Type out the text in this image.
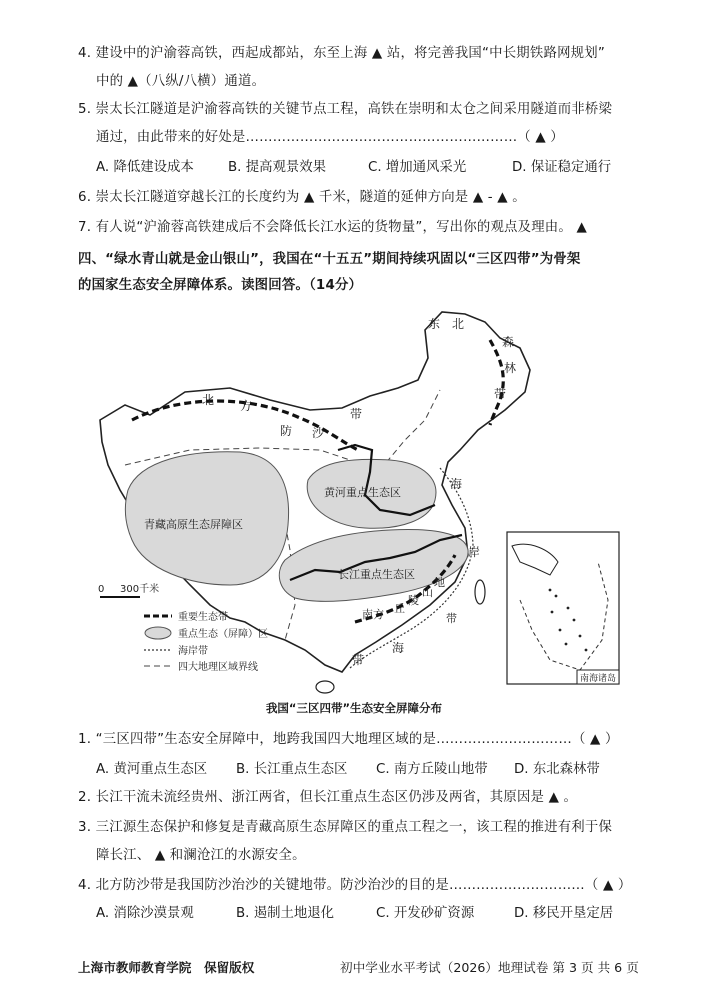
4. 建设中的沪渝蓉高铁，西起成都站，东至上海 ▲ 站，将完善我国“中长期铁路网规划”
中的 ▲（八纵/八横）通道。
5. 崇太长江隧道是沪渝蓉高铁的关键节点工程，高铁在崇明和太仓之间采用隧道而非桥梁
通过，由此带来的好处是……………………………………………………（ ▲ ）
A. 降低建设成本	B. 提高观景效果	C. 增加通风采光	D. 保证稳定通行
6. 崇太长江隧道穿越长江的长度约为 ▲ 千米，隧道的延伸方向是 ▲ - ▲ 。
7. 有人说“沪渝蓉高铁建成后不会降低长江水运的货物量”，写出你的观点及理由。 ▲
四、“绿水青山就是金山银山”，我国在“十五五”期间持续巩固以“三区四带”为骨架
的国家生态安全屏障体系。读图回答。（14分）
东 北
森
林
带
北 方
防 沙
带
黄河重点生态区
青藏高原生态屏障区
长江重点生态区
南方 丘
陵
山
地
带
海
岸
带
海
0 300千米
重要生态带
重点生态（屏障）区
海岸带
四大地理区域界线
南海诸岛
我国“三区四带”生态安全屏障分布
1. “三区四带”生态安全屏障中，地跨我国四大地理区域的是…………………………（ ▲ ）
A. 黄河重点生态区 B. 长江重点生态区 C. 南方丘陵山地带 D. 东北森林带
2. 长江干流未流经贵州、浙江两省，但长江重点生态区仍涉及两省，其原因是 ▲ 。
3. 三江源生态保护和修复是青藏高原生态屏障区的重点工程之一，该工程的推进有利于保
障长江、 ▲ 和澜沧江的水源安全。
4. 北方防沙带是我国防沙治沙的关键地带。防沙治沙的目的是…………………………（ ▲ ）
A. 消除沙漠景观	B. 遏制土地退化	C. 开发砂矿资源	D. 移民开垦定居
上海市教师教育学院　保留版权	初中学业水平考试（2026）地理试卷 第 3 页 共 6 页
